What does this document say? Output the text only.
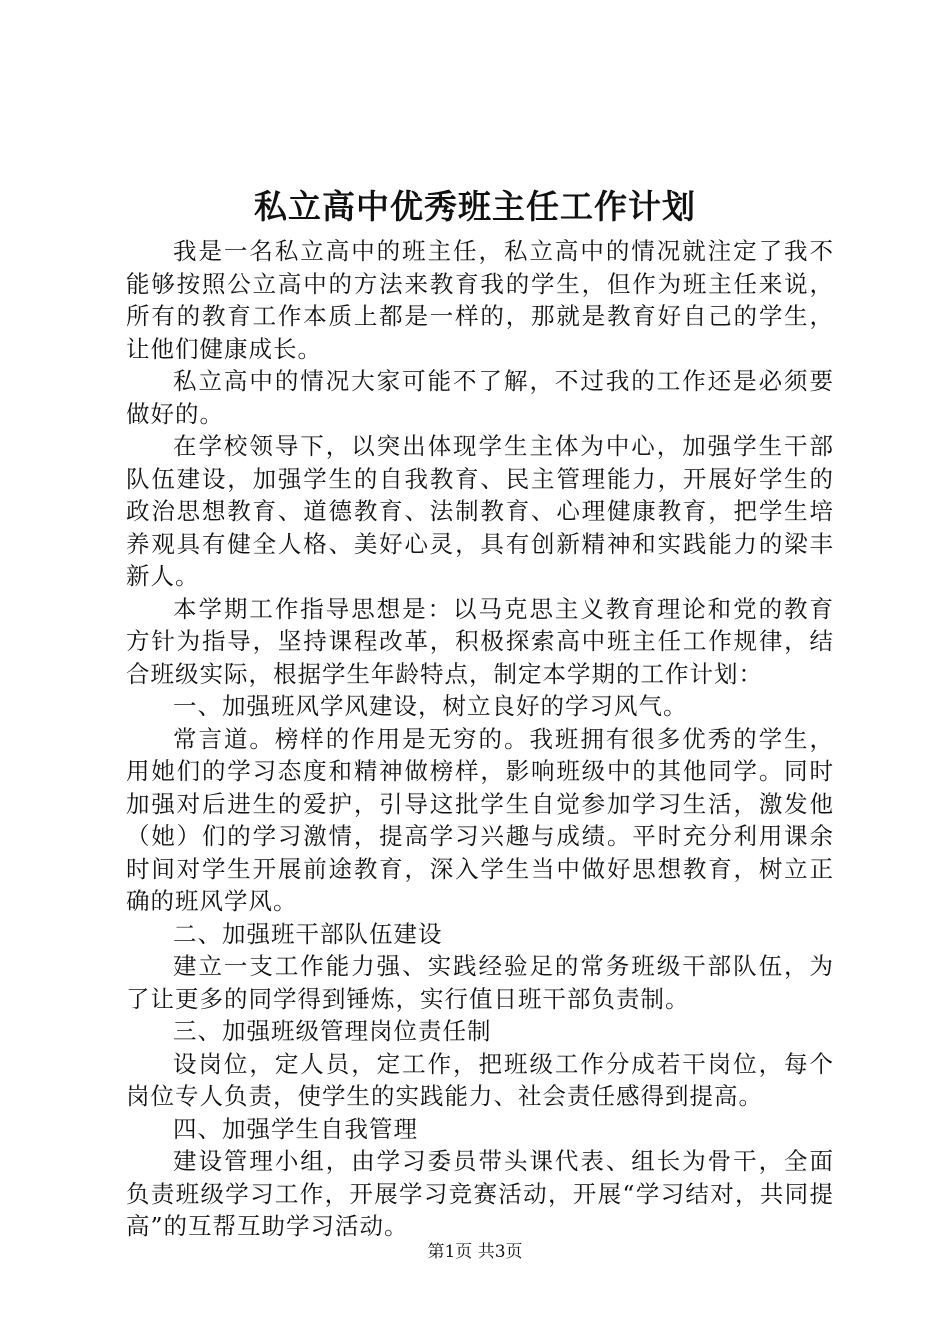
私立高中优秀班主任工作计划

我是一名私立高中的班主任，私立高中的情况就注定了我不能够按照公立高中的方法来教育我的学生，但作为班主任来说，所有的教育工作本质上都是一样的，那就是教育好自己的学生，让他们健康成长。

私立高中的情况大家可能不了解，不过我的工作还是必须要做好的。

在学校领导下，以突出体现学生主体为中心，加强学生干部队伍建设，加强学生的自我教育、民主管理能力，开展好学生的政治思想教育、道德教育、法制教育、心理健康教育，把学生培养观具有健全人格、美好心灵，具有创新精神和实践能力的梁丰新人。

本学期工作指导思想是：以马克思主义教育理论和党的教育方针为指导，坚持课程改革，积极探索高中班主任工作规律，结合班级实际，根据学生年龄特点，制定本学期的工作计划：

一、加强班风学风建设，树立良好的学习风气。

常言道。榜样的作用是无穷的。我班拥有很多优秀的学生，用她们的学习态度和精神做榜样，影响班级中的其他同学。同时加强对后进生的爱护，引导这批学生自觉参加学习生活，激发他（她）们的学习激情，提高学习兴趣与成绩。平时充分利用课余时间对学生开展前途教育，深入学生当中做好思想教育，树立正确的班风学风。

二、加强班干部队伍建设

建立一支工作能力强、实践经验足的常务班级干部队伍，为了让更多的同学得到锤炼，实行值日班干部负责制。

三、加强班级管理岗位责任制

设岗位，定人员，定工作，把班级工作分成若干岗位，每个岗位专人负责，使学生的实践能力、社会责任感得到提高。

四、加强学生自我管理

建设管理小组，由学习委员带头课代表、组长为骨干，全面负责班级学习工作，开展学习竞赛活动，开展“学习结对，共同提高”的互帮互助学习活动。

第1页 共3页
